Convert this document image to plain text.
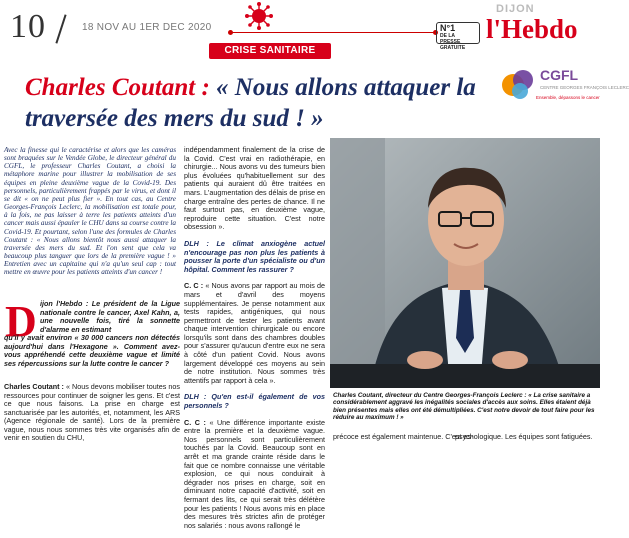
10	18 NOV AU 1ER DEC 2020
CRISE SANITAIRE
N°1
DE LA PRESSE GRATUITE
DIJON
l'Hebdo
Charles Coutant : « Nous allons attaquer la traversée des mers du sud ! »
CGFL
CENTRE GEORGES FRANÇOIS LECLERC
Ensemble, dépassons le cancer
Avec la finesse qui le caractérise et alors que les caméras sont braquées sur le Vendée Globe, le directeur général du CGFL, le professeur Charles Coutant, a choisi la métaphore marine pour illustrer la mobilisation de ses équipes en pleine deuxième vague de la Covid-19. Des personnels, particulièrement frappés par le virus, et dont il se dit « on ne peut plus fier ». En tout cas, au Centre Georges-François Leclerc, la mobilisation est totale pour, à la fois, ne pas laisser à terre les patients atteints d'un cancer mais aussi épauler le CHU dans sa course contre la Covid-19. Et pourtant, selon l'une des formules de Charles Coutant : « Nous allons bientôt nous aussi attaquer la traversée des mers du sud. Et l'on sent que cela va beaucoup plus tanguer que lors de la première vague ! » Entretien avec un capitaine qui n'a qu'un seul cap : tout mettre en œuvre pour les patients atteints d'un cancer !
D ijon l'Hebdo : Le président de la Ligue nationale contre le cancer, Axel Kahn, a, une nouvelle fois, tiré la sonnette d'alarme en estimant
qu'il y avait environ « 30 000 cancers non détectés aujourd'hui dans l'Hexagone ». Comment avez-vous appréhendé cette deuxième vague et limité ses répercussions sur la lutte contre le cancer ?
Charles Coutant : « Nous devons mobiliser toutes nos ressources pour continuer de soigner les gens. Et c'est ce que nous faisons. La prise en charge est sanctuarisée par les autorités, et, notamment, les ARS (Agence régionale de santé). Lors de la première vague, nous nous sommes très vite organisés afin de venir en soutien du CHU,

indépendamment finalement de la crise de la Covid. C'est vrai en radiothérapie, en chirurgie... Nous avons vu des tumeurs bien plus évoluées qu'habituellement sur des patients qui auraient dû être traitées en mars. L'augmentation des délais de prise en charge entraîne des pertes de chance. Il ne faut surtout pas, en deuxième vague, reproduire cette situation. C'est notre obsession ».

DLH : Le climat anxiogène actuel n'encourage pas non plus les patients à pousser la porte d'un spécialiste ou d'un hôpital. Comment les rassurer ?

C. C : « Nous avons par rapport au mois de mars et d'avril des moyens supplémentaires. Je pense notamment aux tests rapides, antigéniques, qui nous permettront de tester les patients avant chaque intervention chirurgicale ou encore lorsqu'ils sont dans des chambres doubles pour s'assurer qu'aucun d'entre eux ne sera à côté d'un patient Covid. Nous avons largement développé ces moyens au sein de notre institution. Nous sommes très attentifs par rapport à cela ».

DLH : Qu'en est-il également de vos personnels ?

C. C : « Une différence importante existe entre la première et la deuxième vague. Nos personnels sont particulièrement touchés par la Covid. Beaucoup sont en arrêt et ma grande crainte réside dans le fait que ce nombre connaisse une véritable explosion, ce qui nous conduirait à dégrader nos prises en charge, soit en diminuant notre capacité d'activité, soit en fermant des lits, ce qui serait très délétère pour les patients ! Nous avons mis en place des mesures très strictes afin de protéger nos salariés : nous avons rallongé le

Charles Coutant, directeur du Centre Georges-François Leclerc : « La crise sanitaire a considérablement aggravé les inégalités sociales d'accès aux soins. Elles étaient déjà bien présentes mais elles ont été démultipliées. C'est notre devoir de tout faire pour les réduire au maximum ! »
précoce est également maintenue. C'est es-
psychologique. Les équipes sont fatiguées.
